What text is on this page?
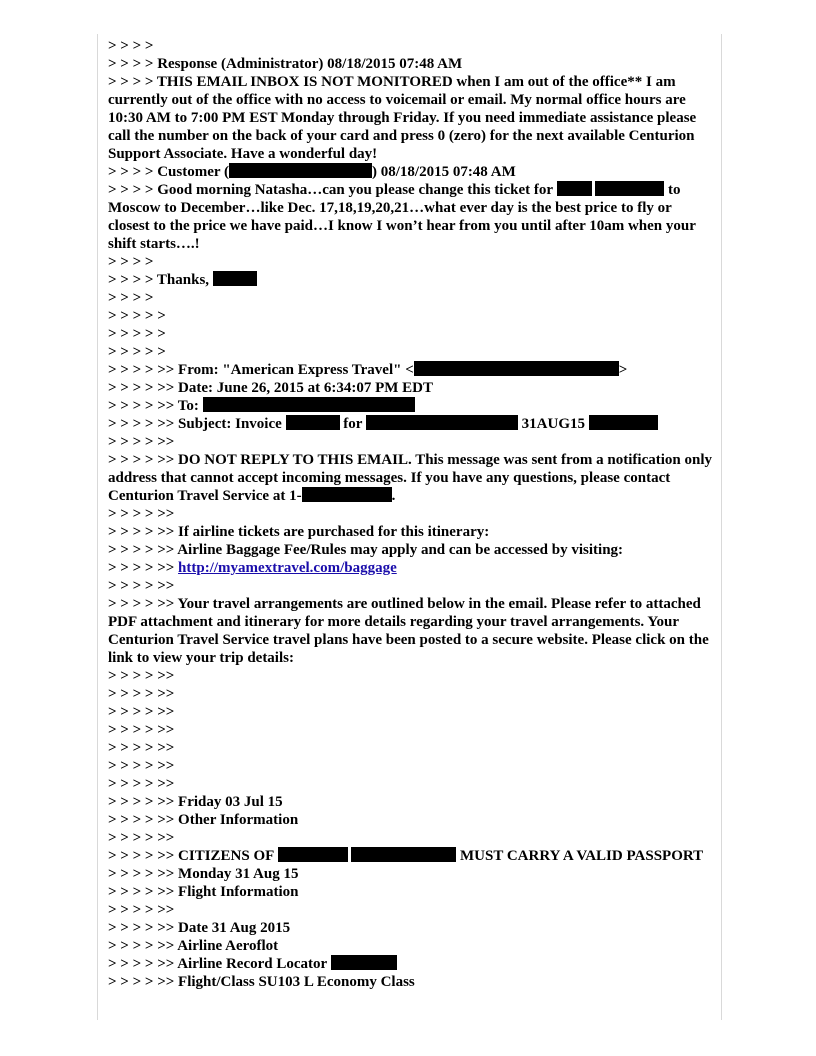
> > > >

> > > > Response (Administrator) 08/18/2015 07:48 AM

> > > > THIS EMAIL INBOX IS NOT MONITORED when I am out of the office** I am currently out of the office with no access to voicemail or email. My normal office hours are 10:30 AM to 7:00 PM EST Monday through Friday. If you need immediate assistance please call the number on the back of your card and press 0 (zero) for the next available Centurion Support Associate. Have a wonderful day!

> > > > Customer (	) 08/18/2015 07:48 AM

> > > > Good morning Natasha…can you please change this ticket for	to Moscow to December…like Dec. 17,18,19,20,21…what ever day is the best price to fly or closest to the price we have paid…I know I won’t hear from you until after 10am when your shift starts….!

> > > >

> > > > Thanks,

> > > >

> > > > >

> > > > >

> > > > >

> > > > >> From: "American Express Travel" <	>

> > > > >> Date: June 26, 2015 at 6:34:07 PM EDT

> > > > >> To:

> > > > >> Subject: Invoice	for	31AUG15

> > > > >>

> > > > >> DO NOT REPLY TO THIS EMAIL. This message was sent from a notification only address that cannot accept incoming messages. If you have any questions, please contact Centurion Travel Service at 1-	.

> > > > >>

> > > > >> If airline tickets are purchased for this itinerary:

> > > > >> Airline Baggage Fee/Rules may apply and can be accessed by visiting:

> > > > >> http://myamextravel.com/baggage

> > > > >>

> > > > >> Your travel arrangements are outlined below in the email. Please refer to attached PDF attachment and itinerary for more details regarding your travel arrangements. Your Centurion Travel Service travel plans have been posted to a secure website. Please click on the link to view your trip details:

> > > > >>

> > > > >>

> > > > >>

> > > > >>

> > > > >>

> > > > >>

> > > > >>

> > > > >> Friday 03 Jul 15

> > > > >> Other Information

> > > > >>

> > > > >> CITIZENS OF	MUST CARRY A VALID PASSPORT

> > > > >> Monday 31 Aug 15

> > > > >> Flight Information

> > > > >>

> > > > >> Date 31 Aug 2015

> > > > >> Airline Aeroflot

> > > > >> Airline Record Locator

> > > > >> Flight/Class SU103 L Economy Class
